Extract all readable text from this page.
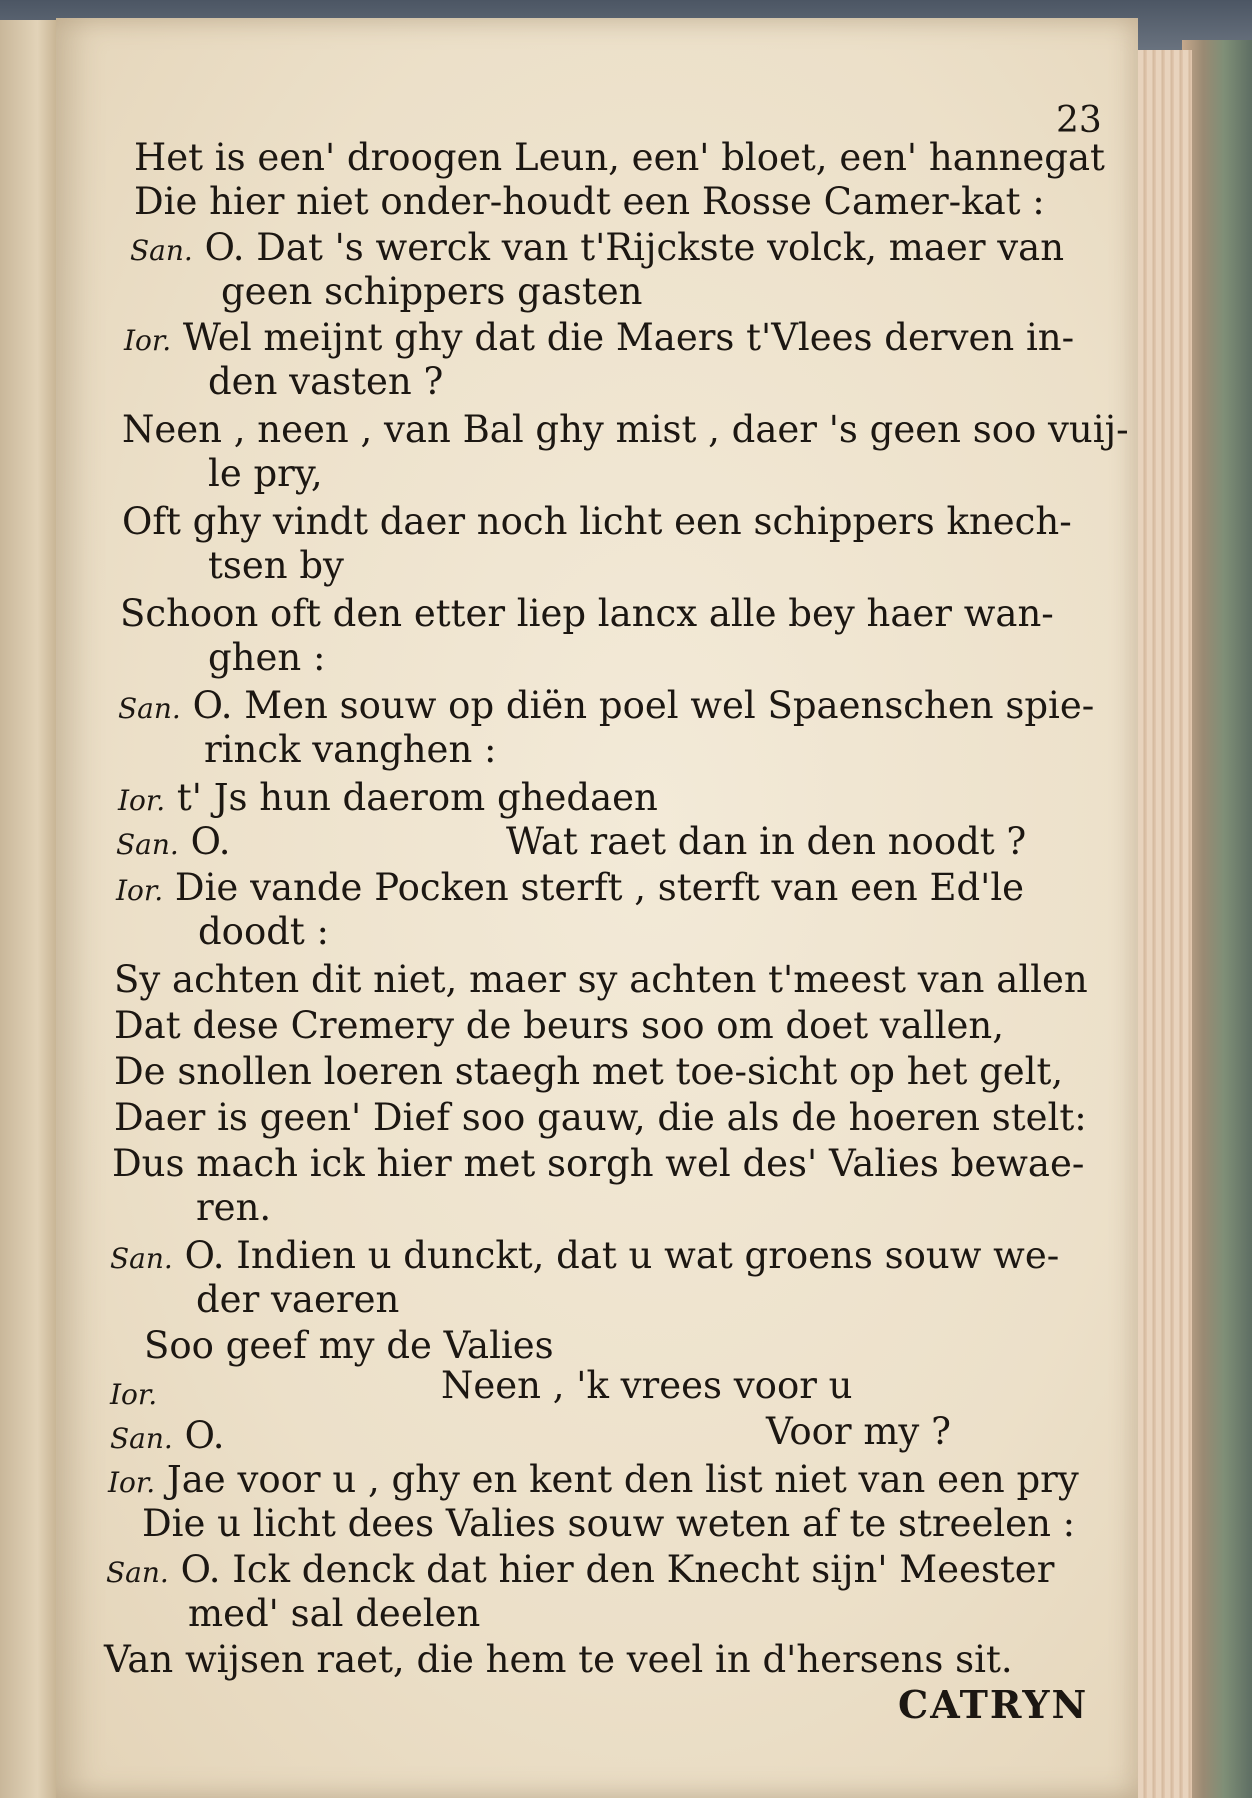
23
Het is een' droogen Leun, een' bloet, een' hannegat
Die hier niet onder-houdt een Rosse Camer-kat :
San. O. Dat 's werck van t'Rijckste volck, maer van
geen schippers gasten
Ior. Wel meijnt ghy dat die Maers t'Vlees derven in-
den vasten ?
Neen , neen , van Bal ghy mist , daer 's geen soo vuij-
le pry,
Oft ghy vindt daer noch licht een schippers knech-
tsen by
Schoon oft den etter liep lancx alle bey haer wan-
ghen :
San. O. Men souw op diën poel wel Spaenschen spie-
rinck vanghen :
Ior. t' Js hun daerom ghedaen
San. O.	Wat raet dan in den noodt ?
Ior. Die vande Pocken sterft , sterft van een Ed'le
doodt :
Sy achten dit niet, maer sy achten t'meest van allen
Dat dese Cremery de beurs soo om doet vallen,
De snollen loeren staegh met toe-sicht op het gelt,
Daer is geen' Dief soo gauw, die als de hoeren stelt:
Dus mach ick hier met sorgh wel des' Valies bewae-
ren.
San. O. Indien u dunckt, dat u wat groens souw we-
der vaeren
Soo geef my de Valies
Ior.	Neen , 'k vrees voor u
San. O.	Voor my ?
Ior. Jae voor u , ghy en kent den list niet van een pry
Die u licht dees Valies souw weten af te streelen :
San. O. Ick denck dat hier den Knecht sijn' Meester
med' sal deelen
Van wijsen raet, die hem te veel in d'hersens sit.
CATRYN
